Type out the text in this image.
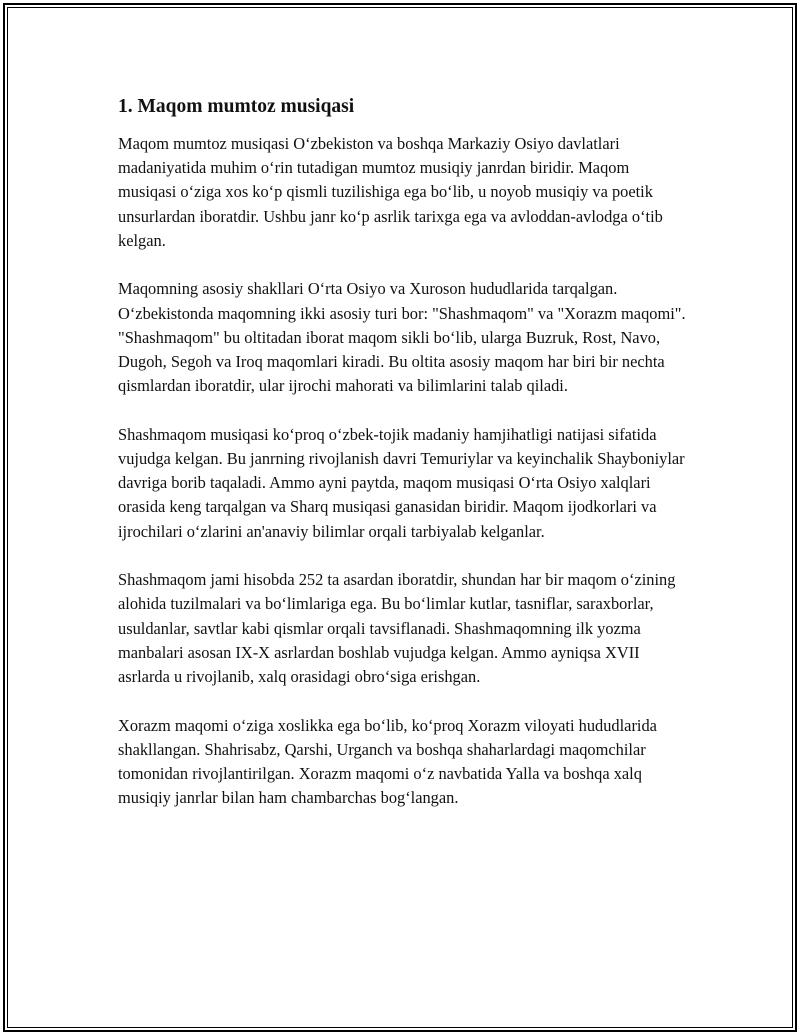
1. Maqom mumtoz musiqasi

Maqom mumtoz musiqasi O‘zbekiston va boshqa Markaziy Osiyo davlatlari madaniyatida muhim o‘rin tutadigan mumtoz musiqiy janrdan biridir. Maqom musiqasi o‘ziga xos ko‘p qismli tuzilishiga ega bo‘lib, u noyob musiqiy va poetik unsurlardan iboratdir. Ushbu janr ko‘p asrlik tarixga ega va avloddan-avlodga o‘tib kelgan.

Maqomning asosiy shakllari O‘rta Osiyo va Xuroson hududlarida tarqalgan. O‘zbekistonda maqomning ikki asosiy turi bor: "Shashmaqom" va "Xorazm maqomi". "Shashmaqom" bu oltitadan iborat maqom sikli bo‘lib, ularga Buzruk, Rost, Navo, Dugoh, Segoh va Iroq maqomlari kiradi. Bu oltita asosiy maqom har biri bir nechta qismlardan iboratdir, ular ijrochi mahorati va bilimlarini talab qiladi.

Shashmaqom musiqasi ko‘proq o‘zbek-tojik madaniy hamjihatligi natijasi sifatida vujudga kelgan. Bu janrning rivojlanish davri Temuriylar va keyinchalik Shayboniylar davriga borib taqaladi. Ammo ayni paytda, maqom musiqasi O‘rta Osiyo xalqlari orasida keng tarqalgan va Sharq musiqasi ganasidan biridir. Maqom ijodkorlari va ijrochilari o‘zlarini an'anaviy bilimlar orqali tarbiyalab kelganlar.

Shashmaqom jami hisobda 252 ta asardan iboratdir, shundan har bir maqom o‘zining alohida tuzilmalari va bo‘limlariga ega. Bu bo‘limlar kutlar, tasniflar, saraxborlar, usuldanlar, savtlar kabi qismlar orqali tavsiflanadi. Shashmaqomning ilk yozma manbalari asosan IX-X asrlardan boshlab vujudga kelgan. Ammo ayniqsa XVII asrlarda u rivojlanib, xalq orasidagi obro‘siga erishgan.

Xorazm maqomi o‘ziga xoslikka ega bo‘lib, ko‘proq Xorazm viloyati hududlarida shakllangan. Shahrisabz, Qarshi, Urganch va boshqa shaharlardagi maqomchilar tomonidan rivojlantirilgan. Xorazm maqomi o‘z navbatida Yalla va boshqa xalq musiqiy janrlar bilan ham chambarchas bog‘langan.
